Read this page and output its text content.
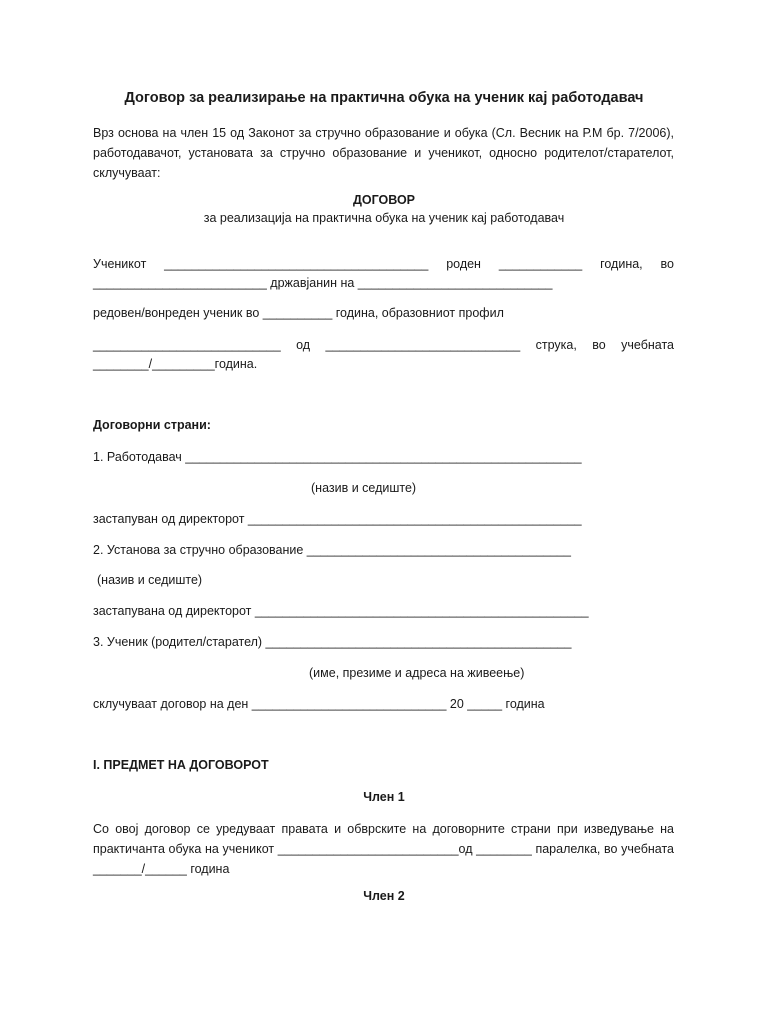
Договор за реализирање на практична обука на ученик кај работодавач
Врз основа на член 15 од Законот за стручно образование и обука (Сл. Весник на Р.М бр. 7/2006), работодавачот, установата за стручно образование и ученикот, односно родителот/старателот, склучуваат:
ДОГОВОР
за реализација на практична обука на ученик кај работодавач
Ученикот ______________________________________ роден ____________ година, во
_________________________ државјанин на ____________________________
редовен/вонреден ученик во __________ година, образовниот профил
___________________________ од ____________________________ струка, во учебната
________/_________година.
Договорни страни:
1. Работодавач _________________________________________________________
(назив и седиште)
застапуван од директорот ________________________________________________
2. Установа за стручно образование ______________________________________
(назив и седиште)
застапувана од директорот ________________________________________________
3. Ученик (родител/старател) ____________________________________________
(име, презиме и адреса на живеење)
склучуваат договор на ден ____________________________ 20 _____ година
I. ПРЕДМЕТ НА ДОГОВОРОТ
Член 1
Со овој договор се уредуваат правата и обврските на договорните страни при изведување на практичанта обука на ученикот __________________________од ________ паралелка, во учебната _______/______ година
Член 2
